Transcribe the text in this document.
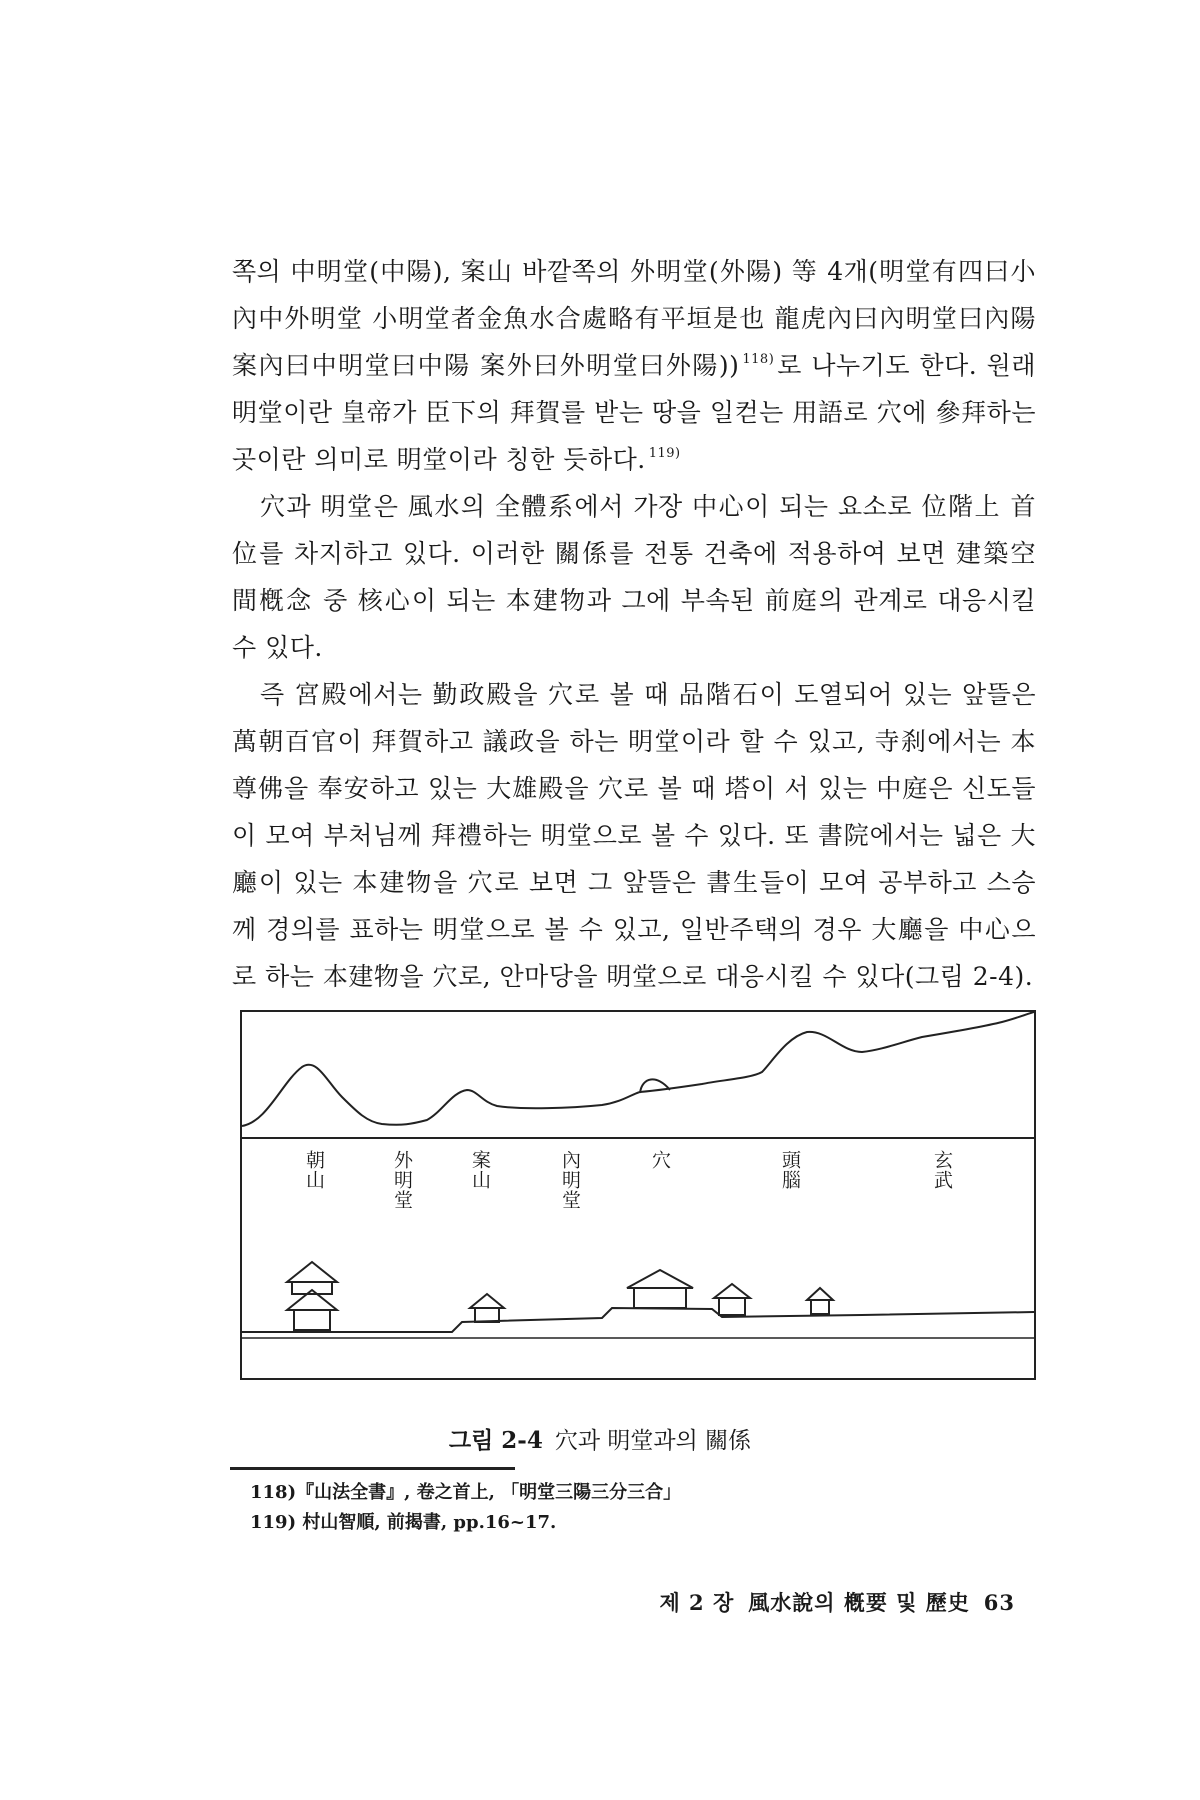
쪽의 中明堂(中陽), 案山 바깥쪽의 外明堂(外陽) 等 4개(明堂有四曰小內中外明堂 小明堂者金魚水合處略有平垣是也 龍虎內曰內明堂曰內陽 案內曰中明堂曰中陽 案外曰外明堂曰外陽)) $^{118)}$ 로 나누기도 한다. 원래 明堂이란 皇帝가 臣下의 拜賀를 받는 땅을 일컫는 用語로 穴에 參拜하는 곳이란 의미로 明堂이라 칭한 듯하다. $^{119)}$

穴과 明堂은 風水의 全體系에서 가장 中心이 되는 요소로 位階上 首位를 차지하고 있다. 이러한 關係를 전통 건축에 적용하여 보면 建築空間槪念 중 核心이 되는 本建物과 그에 부속된 前庭의 관계로 대응시킬 수 있다.

즉 宮殿에서는 勤政殿을 穴로 볼 때 品階石이 도열되어 있는 앞뜰은 萬朝百官이 拜賀하고 議政을 하는 明堂이라 할 수 있고, 寺刹에서는 本尊佛을 奉安하고 있는 大雄殿을 穴로 볼 때 塔이 서 있는 中庭은 신도들이 모여 부처님께 拜禮하는 明堂으로 볼 수 있다. 또 書院에서는 넓은 大廳이 있는 本建物을 穴로 보면 그 앞뜰은 書生들이 모여 공부하고 스승께 경의를 표하는 明堂으로 볼 수 있고, 일반주택의 경우 大廳을 中心으로 하는 本建物을 穴로, 안마당을 明堂으로 대응시킬 수 있다(그림 2-4).

朝山	外明堂	案山	內明堂	穴	頭腦	玄武
그림 2-4 穴과 明堂과의 關係

118)『山法全書』, 卷之首上, 「明堂三陽三分三合」

119) 村山智順, 前揭書, pp.16~17.

제 2 장 風水說의 槪要 및 歷史 63
